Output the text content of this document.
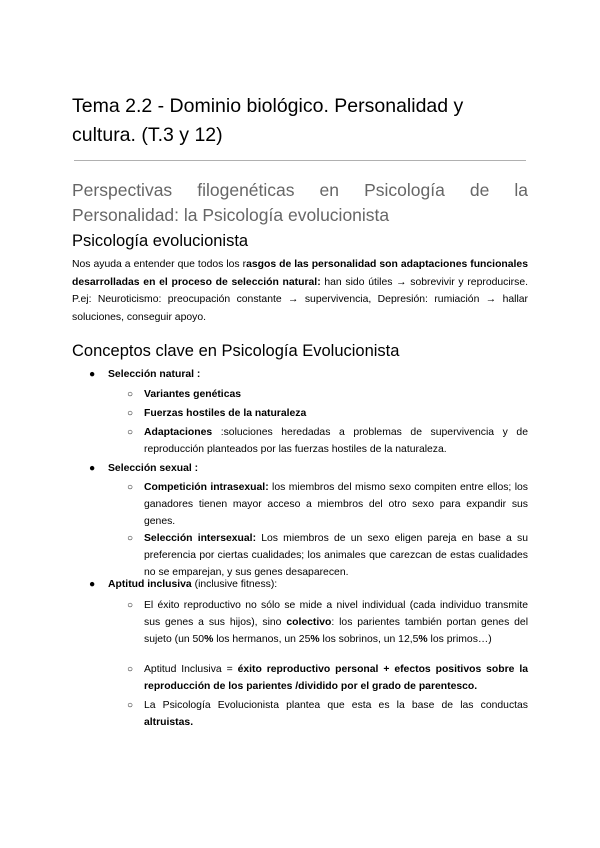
Tema 2.2 - Dominio biológico. Personalidad y cultura. (T.3 y 12)
Perspectivas filogenéticas en Psicología de la
Personalidad: la Psicología evolucionista
Psicología evolucionista

Nos ayuda a entender que todos los rasgos de las personalidad son adaptaciones funcionales desarrolladas en el proceso de selección natural: han sido útiles → sobrevivir y reproducirse. P.ej: Neuroticismo: preocupación constante → supervivencia, Depresión: rumiación → hallar soluciones, conseguir apoyo.

Conceptos clave en Psicología Evolucionista
●	Selección natural :
○	Variantes genéticas
○	Fuerzas hostiles de la naturaleza
○	Adaptaciones :soluciones heredadas a problemas de supervivencia y de reproducción planteados por las fuerzas hostiles de la naturaleza.
●	Selección sexual :
○	Competición intrasexual: los miembros del mismo sexo compiten entre ellos; los ganadores tienen mayor acceso a miembros del otro sexo para expandir sus genes.
○	Selección intersexual: Los miembros de un sexo eligen pareja en base a su preferencia por ciertas cualidades; los animales que carezcan de estas cualidades no se emparejan, y sus genes desaparecen.
●	Aptitud inclusiva (inclusive fitness):
○	El éxito reproductivo no sólo se mide a nivel individual (cada individuo transmite sus genes a sus hijos), sino colectivo: los parientes también portan genes del sujeto (un 50% los hermanos, un 25% los sobrinos, un 12,5% los primos…)
○	Aptitud Inclusiva = éxito reproductivo personal + efectos positivos sobre la reproducción de los parientes /dividido por el grado de parentesco.
○	La Psicología Evolucionista plantea que esta es la base de las conductas altruistas.
